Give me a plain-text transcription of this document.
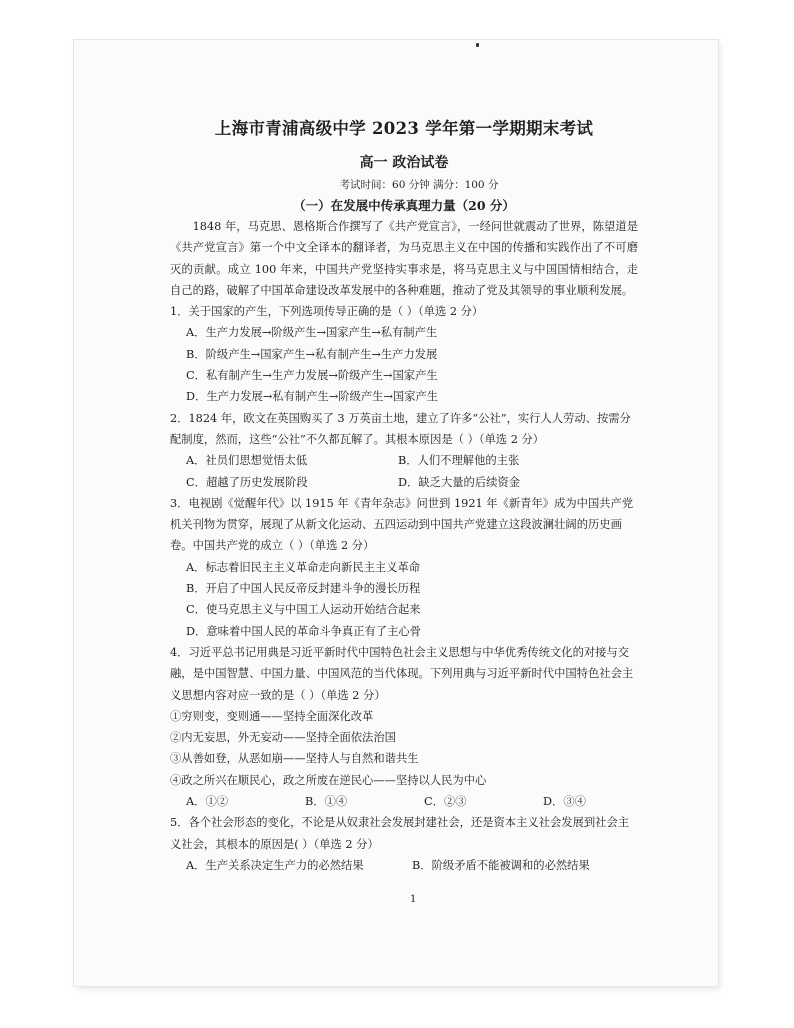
上海市青浦高级中学 2023 学年第一学期期末考试

高一 政治试卷

考试时间：60 分钟 满分：100 分

（一）在发展中传承真理力量（20 分）

1848 年，马克思、恩格斯合作撰写了《共产党宣言》，一经问世就震动了世界，陈望道是《共产党宣言》第一个中文全译本的翻译者，为马克思主义在中国的传播和实践作出了不可磨灭的贡献。成立 100 年来，中国共产党坚持实事求是，将马克思主义与中国国情相结合，走自己的路，破解了中国革命建设改革发展中的各种难题，推动了党及其领导的事业顺利发展。

1．关于国家的产生，下列选项传导正确的是（ ）（单选 2 分）

A．生产力发展→阶级产生→国家产生→私有制产生

B．阶级产生→国家产生→私有制产生→生产力发展

C．私有制产生→生产力发展→阶级产生→国家产生

D．生产力发展→私有制产生→阶级产生→国家产生

2．1824 年，欧文在英国购买了 3 万英亩土地，建立了许多“公社”，实行人人劳动、按需分配制度，然而，这些“公社”不久都瓦解了。其根本原因是（ ）（单选 2 分）

A．社员们思想觉悟太低	B．人们不理解他的主张
C．超越了历史发展阶段	D．缺乏大量的后续资金

3．电视剧《觉醒年代》以 1915 年《青年杂志》问世到 1921 年《新青年》成为中国共产党机关刊物为贯穿，展现了从新文化运动、五四运动到中国共产党建立这段波澜壮阔的历史画卷。中国共产党的成立（ ）（单选 2 分）

A．标志着旧民主主义革命走向新民主主义革命

B．开启了中国人民反帝反封建斗争的漫长历程

C．使马克思主义与中国工人运动开始结合起来

D．意味着中国人民的革命斗争真正有了主心骨

4．习近平总书记用典是习近平新时代中国特色社会主义思想与中华优秀传统文化的对接与交融，是中国智慧、中国力量、中国风范的当代体现。下列用典与习近平新时代中国特色社会主义思想内容对应一致的是（ ）（单选 2 分）

①穷则变，变则通——坚持全面深化改革

②内无妄思，外无妄动——坚持全面依法治国

③从善如登，从恶如崩——坚持人与自然和谐共生

④政之所兴在顺民心，政之所废在逆民心——坚持以人民为中心

A．①②	B．①④	C．②③	D．③④

5．各个社会形态的变化，不论是从奴隶社会发展封建社会，还是资本主义社会发展到社会主义社会，其根本的原因是( ）（单选 2 分）

A．生产关系决定生产力的必然结果	B．阶级矛盾不能被调和的必然结果
1
